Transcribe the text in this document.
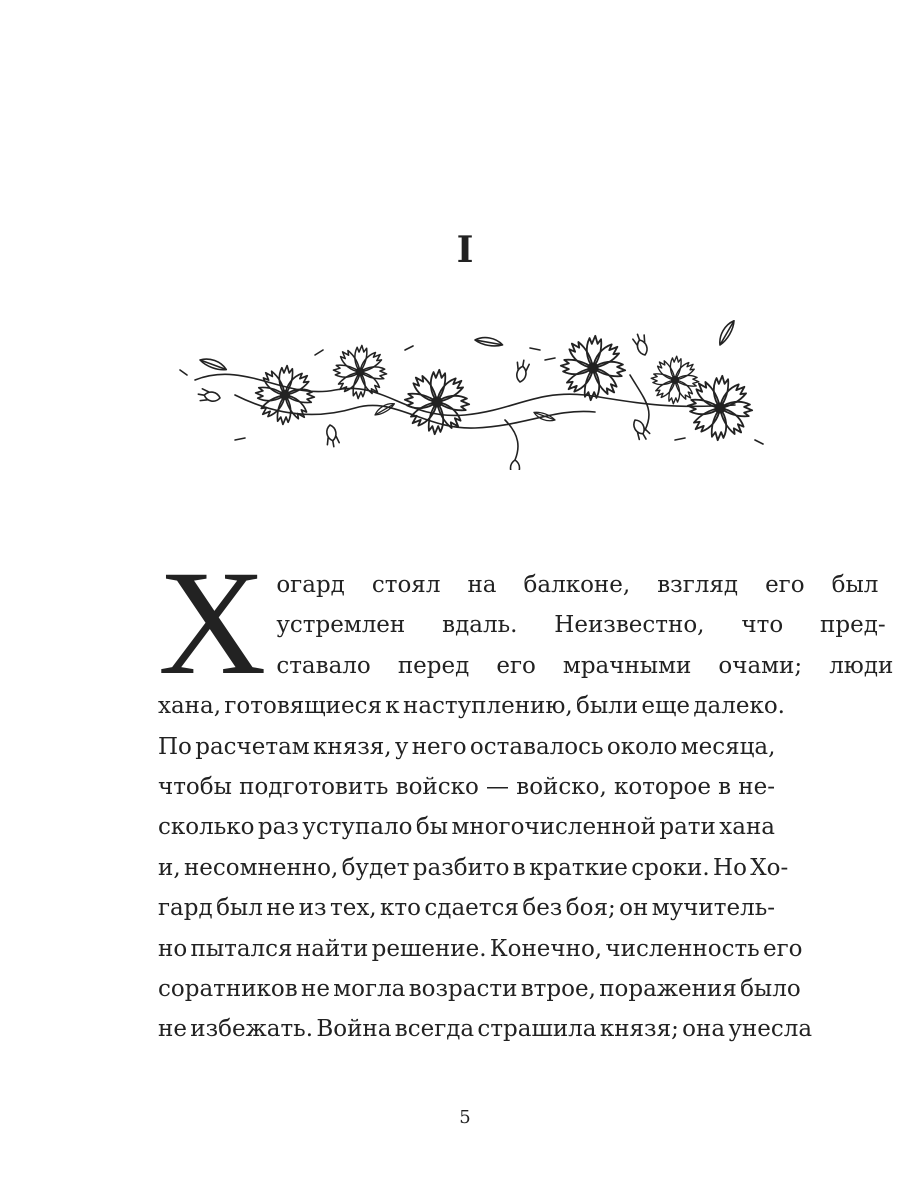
I
Х огард стоял на балконе, взгляд его был
устремлен вдаль. Неизвестно, что пред-
ставало перед его мрачными очами; люди
хана, готовящиеся к наступлению, были еще далеко.
По расчетам князя, у него оставалось около месяца,
чтобы подготовить войско — войско, которое в не-
сколько раз уступало бы многочисленной рати хана
и, несомненно, будет разбито в краткие сроки. Но Хо-
гард был не из тех, кто сдается без боя; он мучитель-
но пытался найти решение. Конечно, численность его
соратников не могла возрасти втрое, поражения было
не избежать. Война всегда страшила князя; она унесла
5
